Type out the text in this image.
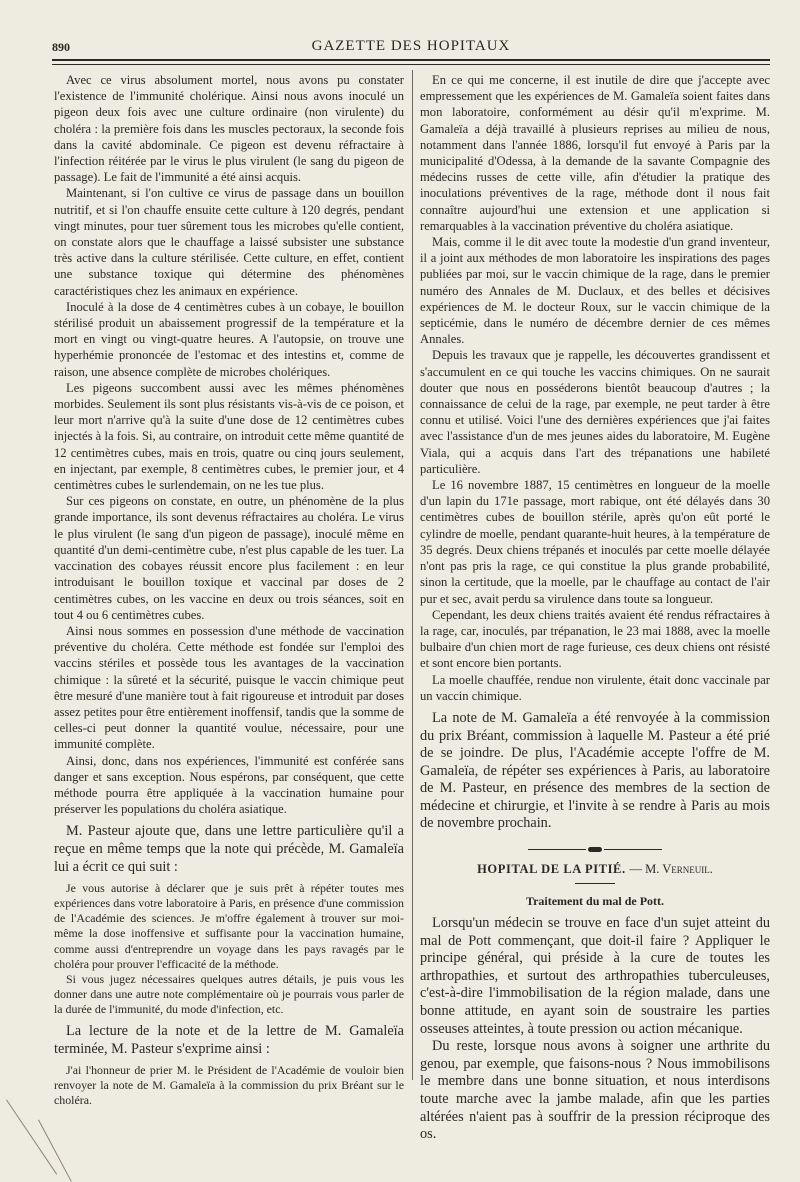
890	GAZETTE DES HOPITAUX

Avec ce virus absolument mortel, nous avons pu constater l'existence de l'immunité cholérique. Ainsi nous avons inoculé un pigeon deux fois avec une culture ordinaire (non virulente) du choléra : la première fois dans les muscles pectoraux, la seconde fois dans la cavité abdominale. Ce pigeon est devenu réfractaire à l'infection réitérée par le virus le plus virulent (le sang du pigeon de passage). Le fait de l'immunité a été ainsi acquis.

Maintenant, si l'on cultive ce virus de passage dans un bouillon nutritif, et si l'on chauffe ensuite cette culture à 120 degrés, pendant vingt minutes, pour tuer sûrement tous les microbes qu'elle contient, on constate alors que le chauffage a laissé subsister une substance très active dans la culture stérilisée. Cette culture, en effet, contient une substance toxique qui détermine des phénomènes caractéristiques chez les animaux en expérience.

Inoculé à la dose de 4 centimètres cubes à un cobaye, le bouillon stérilisé produit un abaissement progressif de la température et la mort en vingt ou vingt-quatre heures. A l'autopsie, on trouve une hyperhémie prononcée de l'estomac et des intestins et, comme de raison, une absence complète de microbes cholériques.

Les pigeons succombent aussi avec les mêmes phénomènes morbides. Seulement ils sont plus résistants vis-à-vis de ce poison, et leur mort n'arrive qu'à la suite d'une dose de 12 centimètres cubes injectés à la fois. Si, au contraire, on introduit cette même quantité de 12 centimètres cubes, mais en trois, quatre ou cinq jours seulement, en injectant, par exemple, 8 centimètres cubes, le premier jour, et 4 centimètres cubes le surlendemain, on ne les tue plus.

Sur ces pigeons on constate, en outre, un phénomène de la plus grande importance, ils sont devenus réfractaires au choléra. Le virus le plus virulent (le sang d'un pigeon de passage), inoculé même en quantité d'un demi-centimètre cube, n'est plus capable de les tuer. La vaccination des cobayes réussit encore plus facilement : en leur introduisant le bouillon toxique et vaccinal par doses de 2 centimètres cubes, on les vaccine en deux ou trois séances, soit en tout 4 ou 6 centimètres cubes.

Ainsi nous sommes en possession d'une méthode de vaccination préventive du choléra. Cette méthode est fondée sur l'emploi des vaccins stériles et possède tous les avantages de la vaccination chimique : la sûreté et la sécurité, puisque le vaccin chimique peut être mesuré d'une manière tout à fait rigoureuse et introduit par doses assez petites pour être entièrement inoffensif, tandis que la somme de celles-ci peut donner la quantité voulue, nécessaire, pour une immunité complète.

Ainsi, donc, dans nos expériences, l'immunité est conférée sans danger et sans exception. Nous espérons, par conséquent, que cette méthode pourra être appliquée à la vaccination humaine pour préserver les populations du choléra asiatique.

M. Pasteur ajoute que, dans une lettre particulière qu'il a reçue en même temps que la note qui précède, M. Gamaleïa lui a écrit ce qui suit :

Je vous autorise à déclarer que je suis prêt à répéter toutes mes expériences dans votre laboratoire à Paris, en présence d'une commission de l'Académie des sciences. Je m'offre également à trouver sur moi-même la dose inoffensive et suffisante pour la vaccination humaine, comme aussi d'entreprendre un voyage dans les pays ravagés par le choléra pour prouver l'efficacité de la méthode.

Si vous jugez nécessaires quelques autres détails, je puis vous les donner dans une autre note complémentaire où je pourrais vous parler de la durée de l'immunité, du mode d'infection, etc.

La lecture de la note et de la lettre de M. Gamaleïa terminée, M. Pasteur s'exprime ainsi :

J'ai l'honneur de prier M. le Président de l'Académie de vouloir bien renvoyer la note de M. Gamaleïa à la commission du prix Bréant sur le choléra.

En ce qui me concerne, il est inutile de dire que j'accepte avec empressement que les expériences de M. Gamaleïa soient faites dans mon laboratoire, conformément au désir qu'il m'exprime. M. Gamaleïa a déjà travaillé à plusieurs reprises au milieu de nous, notamment dans l'année 1886, lorsqu'il fut envoyé à Paris par la municipalité d'Odessa, à la demande de la savante Compagnie des médecins russes de cette ville, afin d'étudier la pratique des inoculations préventives de la rage, méthode dont il nous fait connaître aujourd'hui une extension et une application si remarquables à la vaccination préventive du choléra asiatique.

Mais, comme il le dit avec toute la modestie d'un grand inventeur, il a joint aux méthodes de mon laboratoire les inspirations des pages publiées par moi, sur le vaccin chimique de la rage, dans le premier numéro des Annales de M. Duclaux, et des belles et décisives expériences de M. le docteur Roux, sur le vaccin chimique de la septicémie, dans le numéro de décembre dernier de ces mêmes Annales.

Depuis les travaux que je rappelle, les découvertes grandissent et s'accumulent en ce qui touche les vaccins chimiques. On ne saurait douter que nous en posséderons bientôt beaucoup d'autres ; la connaissance de celui de la rage, par exemple, ne peut tarder à être connu et utilisé. Voici l'une des dernières expériences que j'ai faites avec l'assistance d'un de mes jeunes aides du laboratoire, M. Eugène Viala, qui a acquis dans l'art des trépanations une habileté particulière.

Le 16 novembre 1887, 15 centimètres en longueur de la moelle d'un lapin du 171e passage, mort rabique, ont été délayés dans 30 centimètres cubes de bouillon stérile, après qu'on eût porté le cylindre de moelle, pendant quarante-huit heures, à la température de 35 degrés. Deux chiens trépanés et inoculés par cette moelle délayée n'ont pas pris la rage, ce qui constitue la plus grande probabilité, sinon la certitude, que la moelle, par le chauffage au contact de l'air pur et sec, avait perdu sa virulence dans toute sa longueur.

Cependant, les deux chiens traités avaient été rendus réfractaires à la rage, car, inoculés, par trépanation, le 23 mai 1888, avec la moelle bulbaire d'un chien mort de rage furieuse, ces deux chiens ont résisté et sont encore bien portants.

La moelle chauffée, rendue non virulente, était donc vaccinale par un vaccin chimique.

La note de M. Gamaleïa a été renvoyée à la commission du prix Bréant, commission à laquelle M. Pasteur a été prié de se joindre. De plus, l'Académie accepte l'offre de M. Gamaleïa, de répéter ses expériences à Paris, au laboratoire de M. Pasteur, en présence des membres de la section de médecine et chirurgie, et l'invite à se rendre à Paris au mois de novembre prochain.

HOPITAL DE LA PITIÉ. — M. Verneuil.

Traitement du mal de Pott.

Lorsqu'un médecin se trouve en face d'un sujet atteint du mal de Pott commençant, que doit-il faire ? Appliquer le principe général, qui préside à la cure de toutes les arthropathies, et surtout des arthropathies tuberculeuses, c'est-à-dire l'immobilisation de la région malade, dans une bonne attitude, en ayant soin de soustraire les parties osseuses atteintes, à toute pression ou action mécanique.

Du reste, lorsque nous avons à soigner une arthrite du genou, par exemple, que faisons-nous ? Nous immobilisons le membre dans une bonne situation, et nous interdisons toute marche avec la jambe malade, afin que les parties altérées n'aient pas à souffrir de la pression réciproque des os.
